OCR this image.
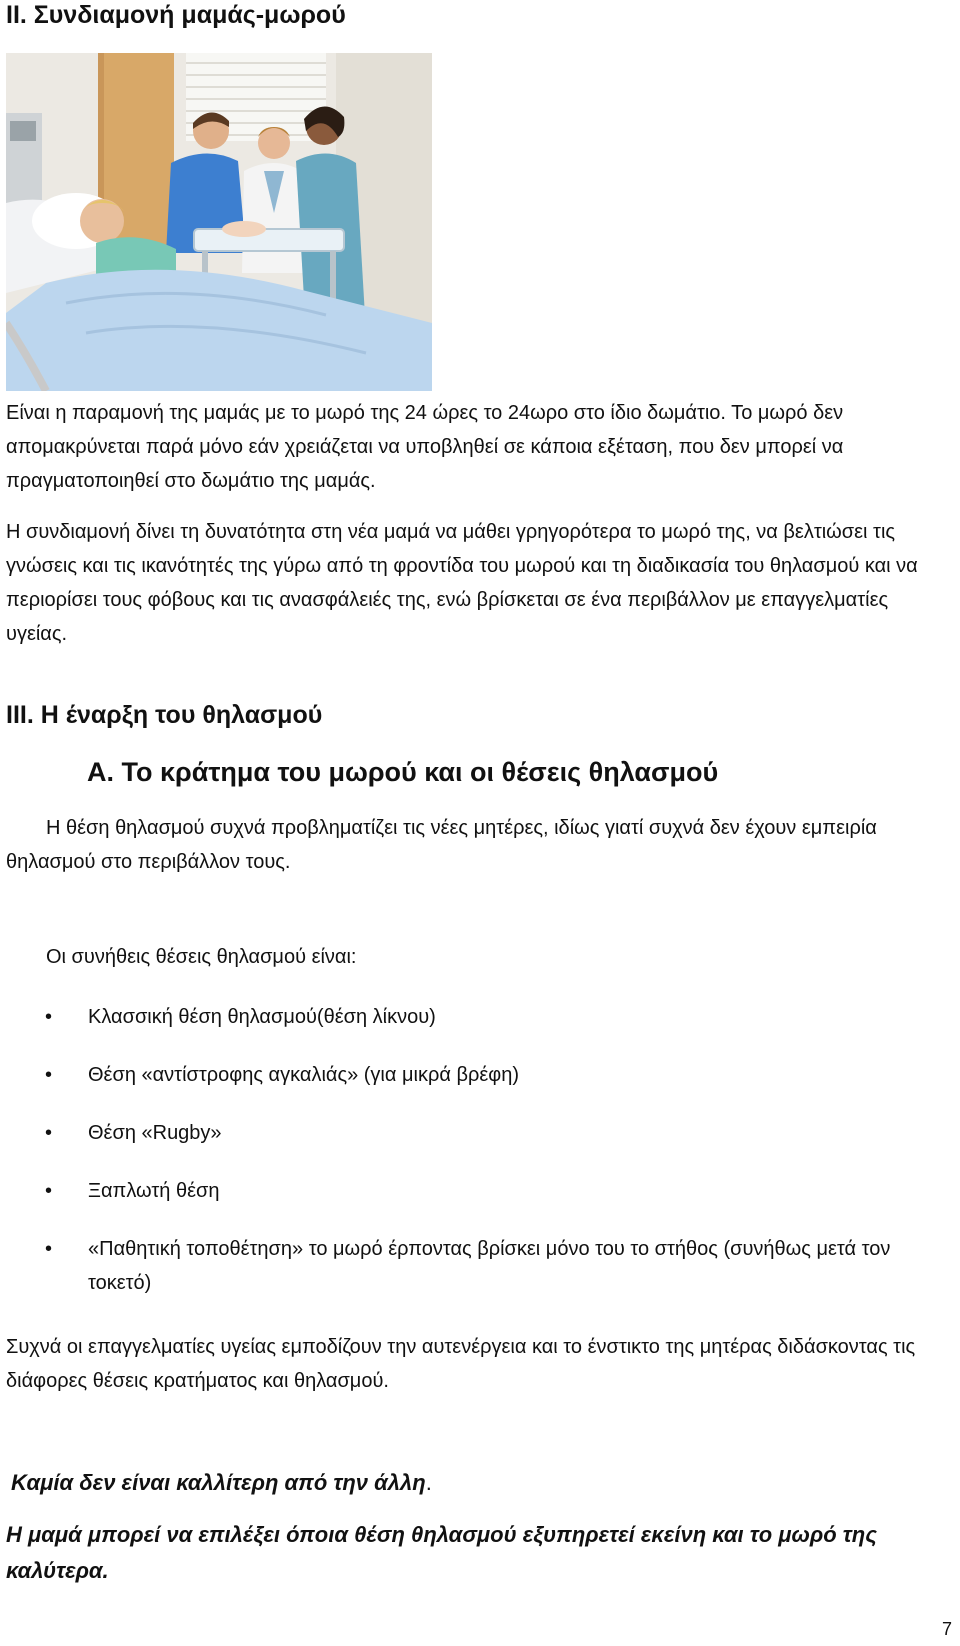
ΙΙ. Συνδιαμονή μαμάς-μωρού

Είναι η παραμονή της μαμάς με το μωρό της 24 ώρες το 24ωρο στο ίδιο δωμάτιο. Το μωρό δεν απομακρύνεται παρά μόνο εάν χρειάζεται να υποβληθεί σε κάποια εξέταση, που δεν μπορεί να πραγματοποιηθεί στο δωμάτιο της μαμάς.

Η συνδιαμονή δίνει τη δυνατότητα στη νέα μαμά να μάθει γρηγορότερα το μωρό της, να βελτιώσει τις γνώσεις και τις ικανότητές της γύρω από τη φροντίδα του μωρού και τη διαδικασία του θηλασμού και να περιορίσει τους φόβους και τις ανασφάλειές της, ενώ βρίσκεται σε ένα περιβάλλον με επαγγελματίες υγείας.

ΙΙΙ. Η έναρξη του θηλασμού
Α. Το κράτημα του μωρού και οι θέσεις θηλασμού

Η θέση θηλασμού συχνά προβληματίζει τις νέες μητέρες, ιδίως γιατί συχνά δεν έχουν εμπειρία θηλασμού στο περιβάλλον τους.

Οι συνήθεις θέσεις θηλασμού είναι:

• Κλασσική θέση θηλασμού(θέση λίκνου)
• Θέση «αντίστροφης αγκαλιάς» (για μικρά βρέφη)
• Θέση «Rugby»
• Ξαπλωτή θέση
• «Παθητική τοποθέτηση» το μωρό έρποντας βρίσκει μόνο του το στήθος (συνήθως μετά τον τοκετό)

Συχνά οι επαγγελματίες υγείας εμποδίζουν την αυτενέργεια και το ένστικτο της μητέρας διδάσκοντας τις διάφορες θέσεις κρατήματος και θηλασμού.

Καμία δεν είναι καλλίτερη από την άλλη.

Η μαμά μπορεί να επιλέξει όποια θέση θηλασμού εξυπηρετεί εκείνη και το μωρό της καλύτερα.

7
